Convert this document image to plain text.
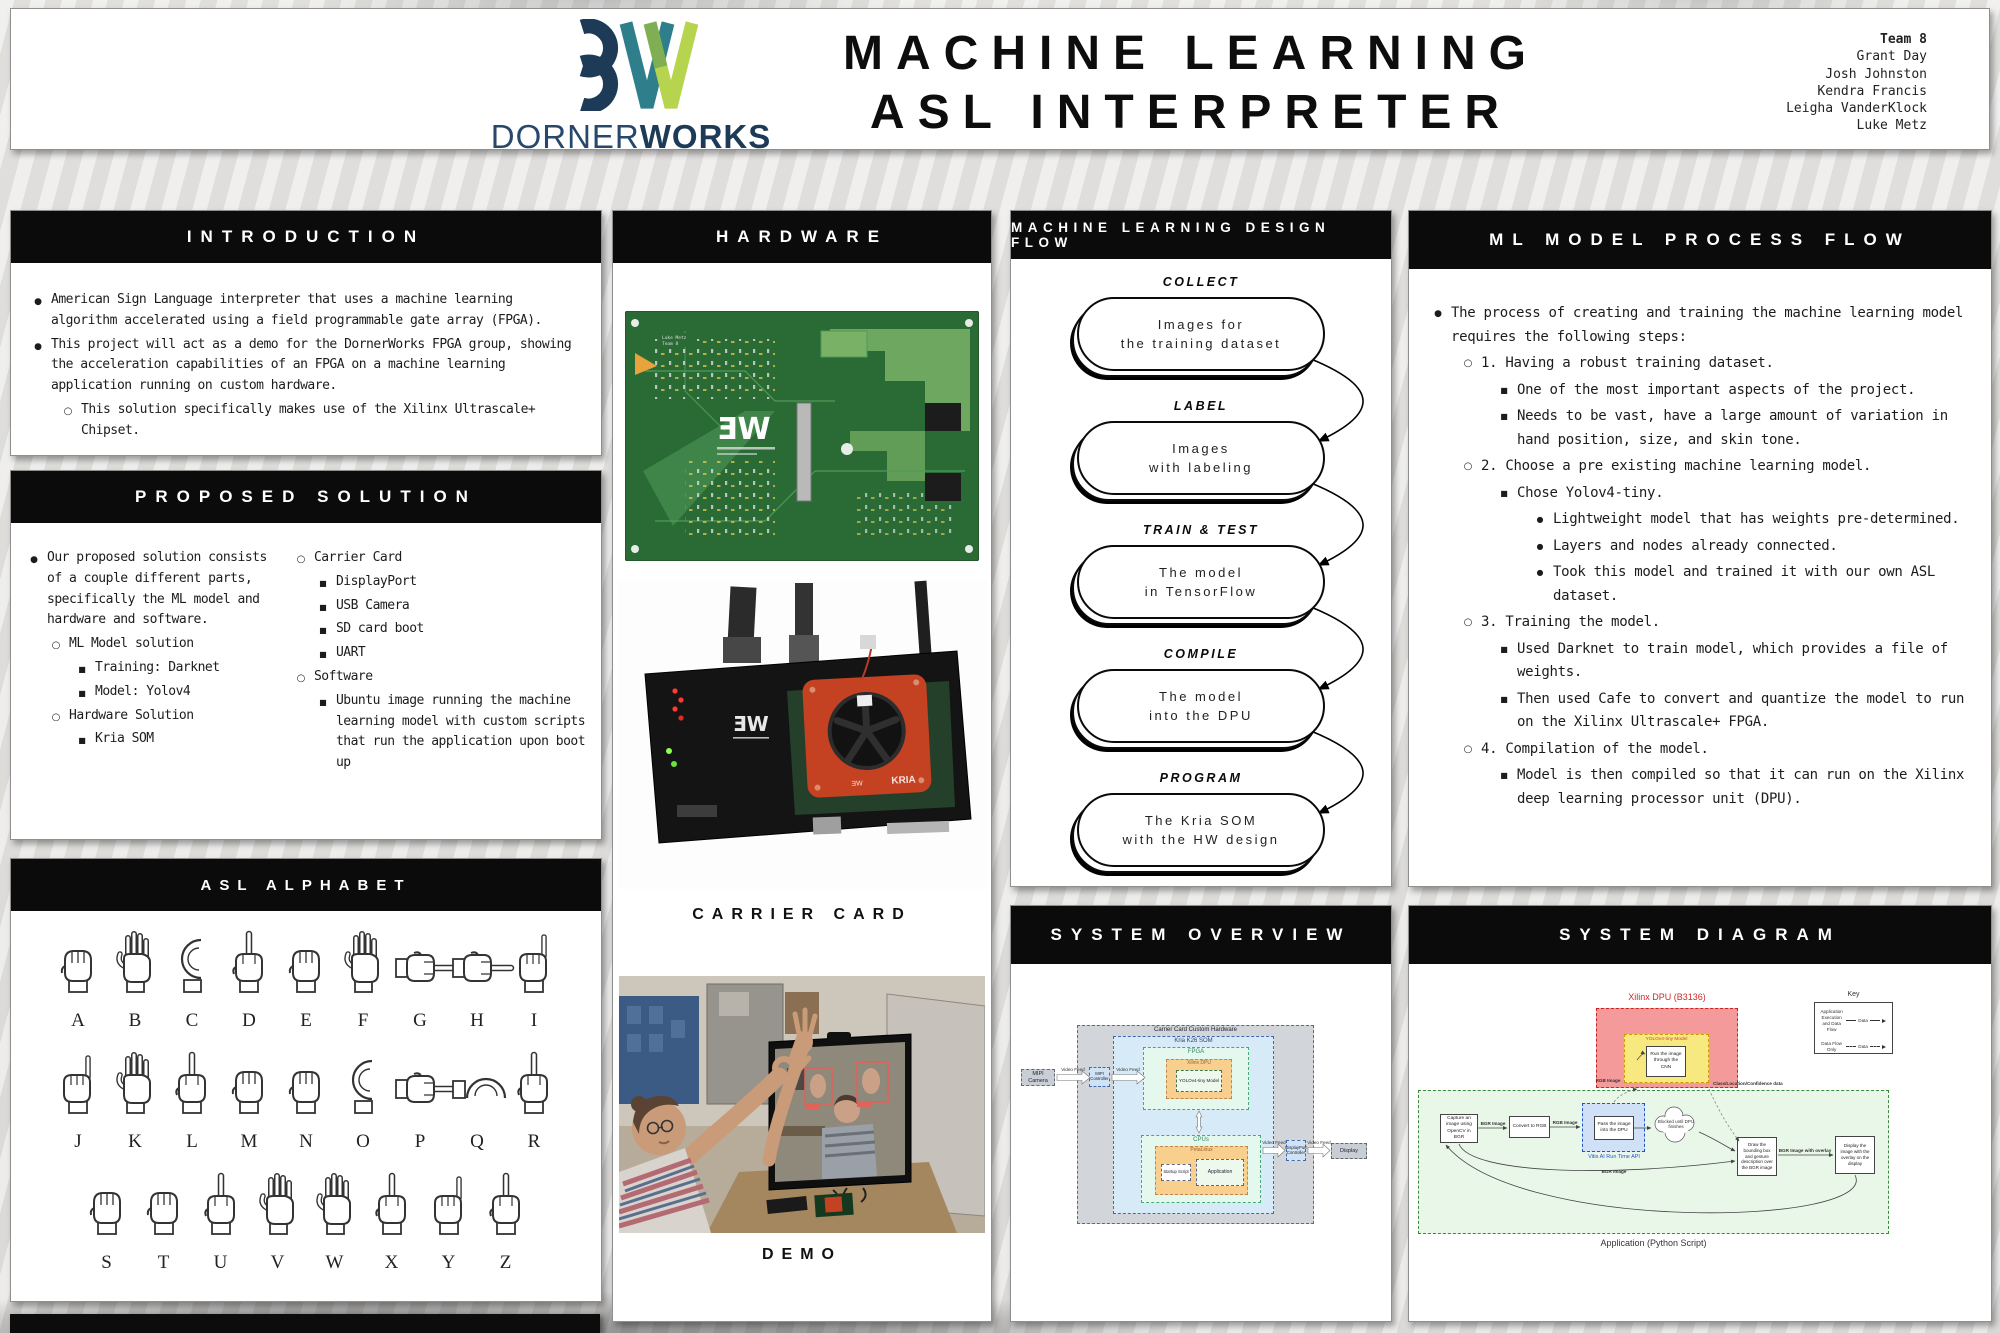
DORNERWORKS
MACHINE LEARNING
ASL INTERPRETER
Team 8
Grant Day
Josh Johnston
Kendra Francis
Leigha VanderKlock
Luke Metz
INTRODUCTION
● American Sign Language interpreter that uses a machine learning algorithm accelerated using a field programmable gate array (FPGA).
● This project will act as a demo for the DornerWorks FPGA group, showing the acceleration capabilities of an FPGA on a machine learning application running on custom hardware.
○ This solution specifically makes use of the Xilinx Ultrascale+ Chipset.
PROPOSED SOLUTION
● Our proposed solution consists of a couple different parts, specifically the ML model and hardware and software.
○ ML Model solution
■ Training: Darknet
■ Model: Yolov4
○ Hardware Solution
■ Kria SOM
○ Carrier Card
■ DisplayPort
■ USB Camera
■ SD card boot
■ UART
○ Software
■ Ubuntu image running the machine learning model with custom scripts that run the application upon boot up
ASL ALPHABET
A B C D E F G H I
J K L M N O P Q R
S T U V W X Y Z
HARDWARE
ƎW
Luke Metz
Team 8
KRIA
ƎW
ƎW
CARRIER CARD
DEMO
MACHINE LEARNING DESIGN FLOW
COLLECT
Images for
the training dataset
LABEL
Images
with labeling
TRAIN & TEST
The model
in TensorFlow
COMPILE
The model
into the DPU
PROGRAM
The Kria SOM
with the HW design
ML MODEL PROCESS FLOW
● The process of creating and training the machine learning model requires the following steps:
○ 1. Having a robust training dataset.
■ One of the most important aspects of the project.
■ Needs to be vast, have a large amount of variation in hand position, size, and skin tone.
○ 2. Choose a pre existing machine learning model.
■ Chose Yolov4-tiny.
● Lightweight model that has weights pre-determined.
● Layers and nodes already connected.
● Took this model and trained it with our own ASL dataset.
○ 3. Training the model.
■ Used Darknet to train model, which provides a file of weights.
■ Then used Cafe to convert and quantize the model to run on the Xilinx Ultrascale+ FPGA.
○ 4. Compilation of the model.
■ Model is then compiled so that it can run on the Xilinx deep learning processor unit (DPU).
SYSTEM OVERVIEW
Carrier Card Custom Hardware
Kria K26 SOM
FPGA
Xilinx DPU
YOLOv4-tiny Model
CPUs
PetaLinux
Startup Script	Application
MIPI Camera
MIPI Controller
DisplayPort Controller	Display
Video Feed	Video Feed
Video Feed	Video Feed
SYSTEM DIAGRAM
Xilinx DPU (B3136)
YOLOv4-tiny Model
Run the image through the CNN
Key
Application Execution and Data Flow
Data
Data Flow Only
Data
Application (Python Script)
Capture an image using OpenCV in BGR
Convert to RGB	Pass the image into the DPU
Vitis AI Run Time API
Blocked until DPU finishes
Draw the bounding box and gesture description over the BGR image
Display the image with the overlay on the display
BGR Image	RGB Image
RGB Image
Class/Location/Confidence data
BGR Image
BGR Image with overlay
